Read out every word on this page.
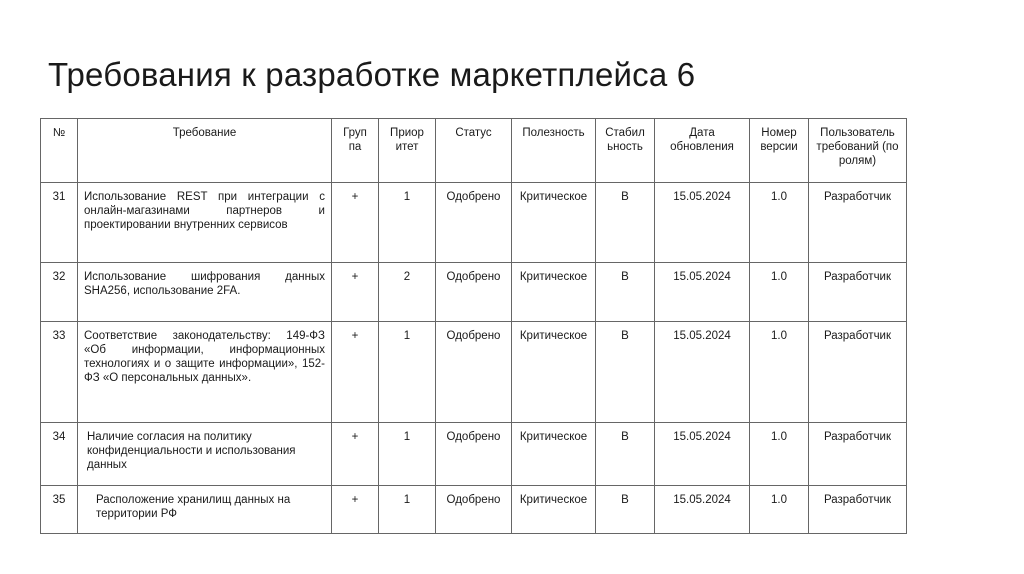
Требования к разработке маркетплейса 6
№	Требование	Груп па	Приор итет	Статус	Полезность	Стабил ьность	Дата обновления	Номер версии	Пользователь требований (по ролям)
31	Использование REST при интеграции с онлайн-магазинами партнеров и проектировании внутренних сервисов	+	1	Одобрено	Критическое	В	15.05.2024	1.0	Разработчик
32	Использование шифрования данных SHA256, использование 2FA.	+	2	Одобрено	Критическое	В	15.05.2024	1.0	Разработчик
33	Соответствие законодательству: 149-ФЗ «Об информации, информационных технологиях и о защите информации», 152-ФЗ «О персональных данных».	+	1	Одобрено	Критическое	В	15.05.2024	1.0	Разработчик
34	Наличие согласия на политику конфиденциальности и использования данных	+	1	Одобрено	Критическое	В	15.05.2024	1.0	Разработчик
35	Расположение хранилищ данных на территории РФ	+	1	Одобрено	Критическое	В	15.05.2024	1.0	Разработчик
